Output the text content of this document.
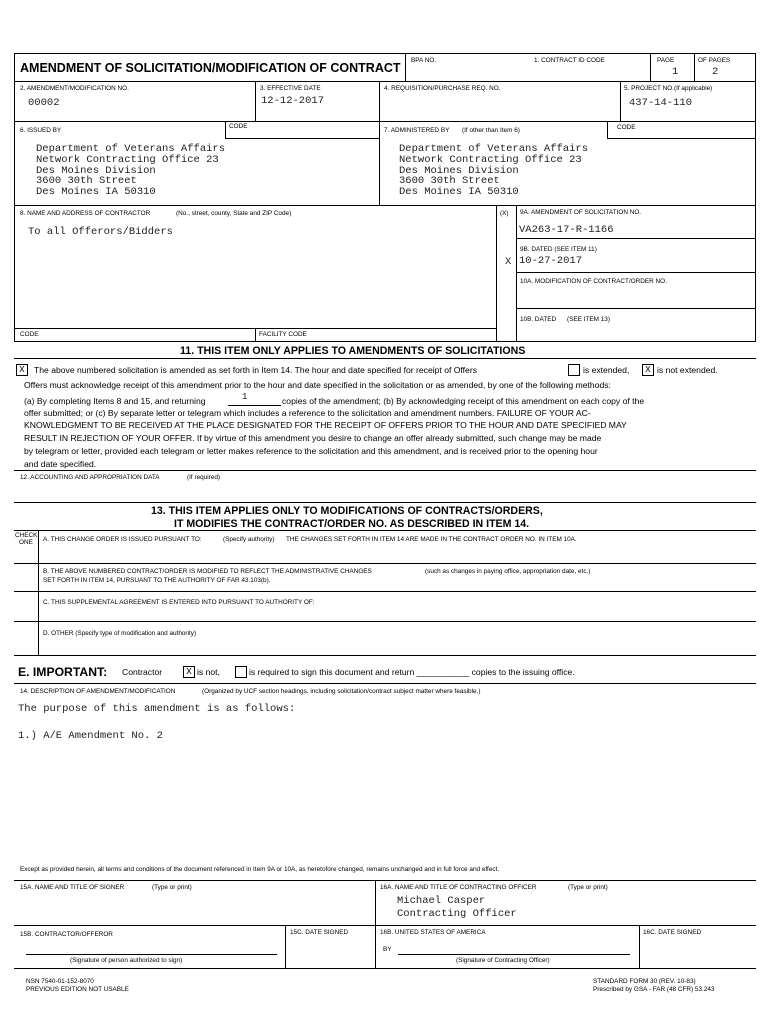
AMENDMENT OF SOLICITATION/MODIFICATION OF CONTRACT
BPA NO.	1. CONTRACT ID CODE	PAGE	OF PAGES
1	2
2. AMENDMENT/MODIFICATION NO.
00002
3. EFFECTIVE DATE
12-12-2017
4. REQUISITION/PURCHASE REQ. NO.	5. PROJECT NO.(If applicable)
437-14-110
6. ISSUED BY
CODE
Department of Veterans Affairs
Network Contracting Office 23
Des Moines Division
3600 30th Street
Des Moines IA 50310
7. ADMINISTERED BY (If other than Item 6)	CODE
Department of Veterans Affairs
Network Contracting Office 23
Des Moines Division
3600 30th Street
Des Moines IA 50310
8. NAME AND ADDRESS OF CONTRACTOR	(No., street, county, State and ZIP Code)
To all Offerors/Bidders
(X) 9A. AMENDMENT OF SOLICITATION NO.
VA263-17-R-1166
9B. DATED (SEE ITEM 11)
X 10-27-2017
10A. MODIFICATION OF CONTRACT/ORDER NO.
10B. DATED (SEE ITEM 13)
CODE	FACILITY CODE
11. THIS ITEM ONLY APPLIES TO AMENDMENTS OF SOLICITATIONS
X	The above numbered solicitation is amended as set forth in Item 14. The hour and date specified for receipt of Offers	is extended,	X is not extended.
Offers must acknowledge receipt of this amendment prior to the hour and date specified in the solicitation or as amended, by one of the following methods:
(a) By completing Items 8 and 15, and returning	1	copies of the amendment; (b) By acknowledging receipt of this amendment on each copy of the
offer submitted; or (c) By separate letter or telegram which includes a reference to the solicitation and amendment numbers. FAILURE OF YOUR AC-
KNOWLEDGMENT TO BE RECEIVED AT THE PLACE DESIGNATED FOR THE RECEIPT OF OFFERS PRIOR TO THE HOUR AND DATE SPECIFIED MAY
RESULT IN REJECTION OF YOUR OFFER. If by virtue of this amendment you desire to change an offer already submitted, such change may be made
by telegram or letter, provided each telegram or letter makes reference to the solicitation and this amendment, and is received prior to the opening hour
and date specified.
12. ACCOUNTING AND APPROPRIATION DATA	(If required)
13. THIS ITEM APPLIES ONLY TO MODIFICATIONS OF CONTRACTS/ORDERS,
IT MODIFIES THE CONTRACT/ORDER NO. AS DESCRIBED IN ITEM 14.
CHECK
ONE A. THIS CHANGE ORDER IS ISSUED PURSUANT TO:	(Specify authority) THE CHANGES SET FORTH IN ITEM 14 ARE MADE IN THE CONTRACT ORDER NO. IN ITEM 10A.
B. THE ABOVE NUMBERED CONTRACT/ORDER IS MODIFIED TO REFLECT THE ADMINISTRATIVE CHANGES	(such as changes in paying office, appropriation date, etc.)
SET FORTH IN ITEM 14, PURSUANT TO THE AUTHORITY OF FAR 43.103(b).
C. THIS SUPPLEMENTAL AGREEMENT IS ENTERED INTO PURSUANT TO AUTHORITY OF:
D. OTHER (Specify type of modification and authority)
E. IMPORTANT: Contractor	X is not,	is required to sign this document and return ___________ copies to the issuing office.
14. DESCRIPTION OF AMENDMENT/MODIFICATION	(Organized by UCF section headings, including solicitation/contract subject matter where feasible.)
The purpose of this amendment is as follows:
1.) A/E Amendment No. 2
Except as provided herein, all terms and conditions of the document referenced in Item 9A or 10A, as heretofore changed, remains unchanged and in full force and effect.
15A. NAME AND TITLE OF SIGNER	(Type or print)	16A. NAME AND TITLE OF CONTRACTING OFFICER	(Type or print)
Michael Casper
Contracting Officer
15B. CONTRACTOR/OFFEROR	15C. DATE SIGNED	16B. UNITED STATES OF AMERICA	16C. DATE SIGNED
BY
(Signature of person authorized to sign)	(Signature of Contracting Officer)
NSN 7540-01-152-8070
PREVIOUS EDITION NOT USABLE
STANDARD FORM 30 (REV. 10-83)
Prescribed by GSA - FAR (48 CFR) 53.243
